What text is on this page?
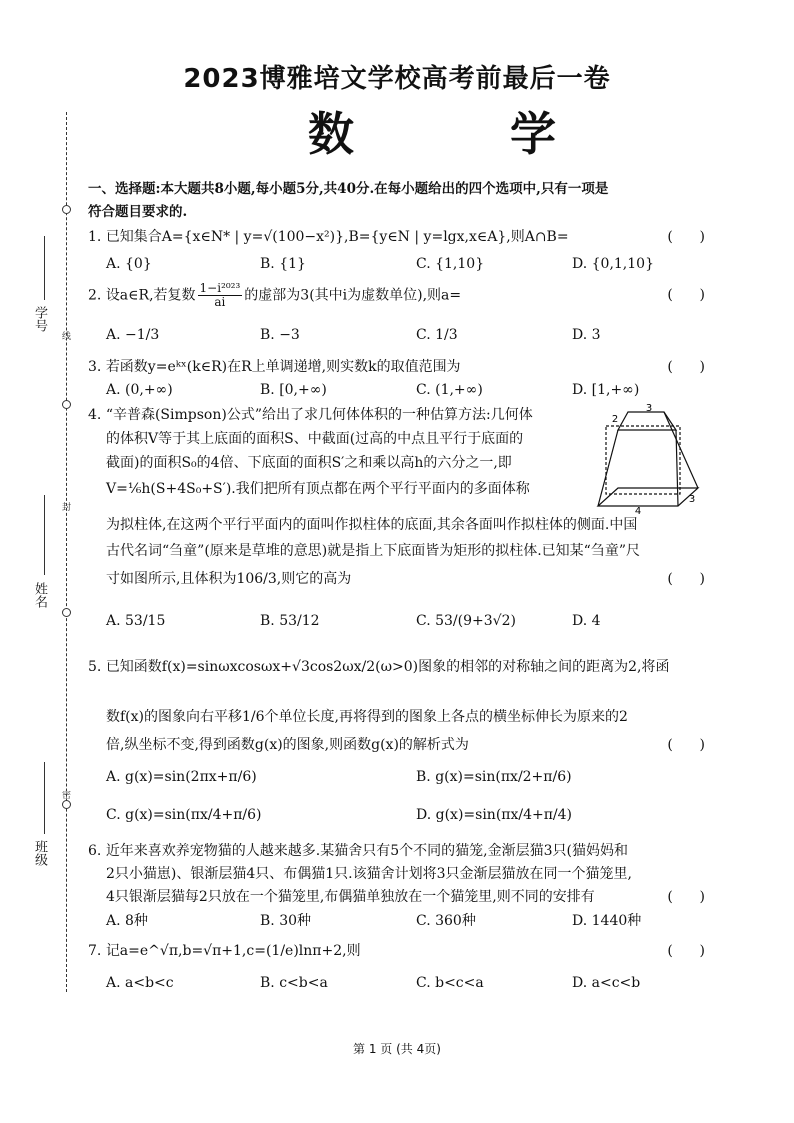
线
封
密
学号
姓名
班级
2023博雅培文学校高考前最后一卷
数 学
一、选择题:本大题共8小题,每小题5分,共40分.在每小题给出的四个选项中,只有一项是
符合题目要求的.
1. 已知集合A={x∈N* | y=√(100−x²)},B={y∈N | y=lgx,x∈A},则A∩B=	(      )
A. {0}	B. {1}	C. {1,10}	D. {0,1,10}
2. 设a∈R,若复数 $\frac{\text{1−i²⁰²³}}{ai}$ 的虚部为3(其中i为虚数单位),则a=	(      )
A. −1/3	B. −3	C. 1/3	D. 3
3. 若函数y=eᵏˣ(k∈R)在R上单调递增,则实数k的取值范围为	(      )
A. (0,+∞)	B. [0,+∞)	C. (1,+∞)	D. [1,+∞)
4. “辛普森(Simpson)公式”给出了求几何体体积的一种估算方法:几何体
的体积V等于其上底面的面积S、中截面(过高的中点且平行于底面的
截面)的面积S₀的4倍、下底面的面积S′之和乘以高h的六分之一,即
V=⅙h(S+4S₀+S′).我们把所有顶点都在两个平行平面内的多面体称
为拟柱体,在这两个平行平面内的面叫作拟柱体的底面,其余各面叫作拟柱体的侧面.中国
古代名词“刍童”(原来是草堆的意思)就是指上下底面皆为矩形的拟柱体.已知某“刍童”尺
寸如图所示,且体积为106/3,则它的高为	(      )
A. 53/15	B. 53/12	C. 53/(9+3√2)	D. 4
3
2
4
3
5. 已知函数f(x)=sinωxcosωx+√3cos2ωx/2(ω>0)图象的相邻的对称轴之间的距离为2,将函
数f(x)的图象向右平移1/6个单位长度,再将得到的图象上各点的横坐标伸长为原来的2
倍,纵坐标不变,得到函数g(x)的图象,则函数g(x)的解析式为	(      )
A. g(x)=sin(2πx+π/6)	B. g(x)=sin(πx/2+π/6)
C. g(x)=sin(πx/4+π/6)	D. g(x)=sin(πx/4+π/4)
6. 近年来喜欢养宠物猫的人越来越多.某猫舍只有5个不同的猫笼,金渐层猫3只(猫妈妈和
2只小猫崽)、银渐层猫4只、布偶猫1只.该猫舍计划将3只金渐层猫放在同一个猫笼里,
4只银渐层猫每2只放在一个猫笼里,布偶猫单独放在一个猫笼里,则不同的安排有	(      )
A. 8种	B. 30种	C. 360种	D. 1440种
7. 记a=e^√π,b=√π+1,c=(1/e)lnπ+2,则	(      )
A. a<b<c	B. c<b<a	C. b<c<a	D. a<c<b
第 1 页 (共 4页)
